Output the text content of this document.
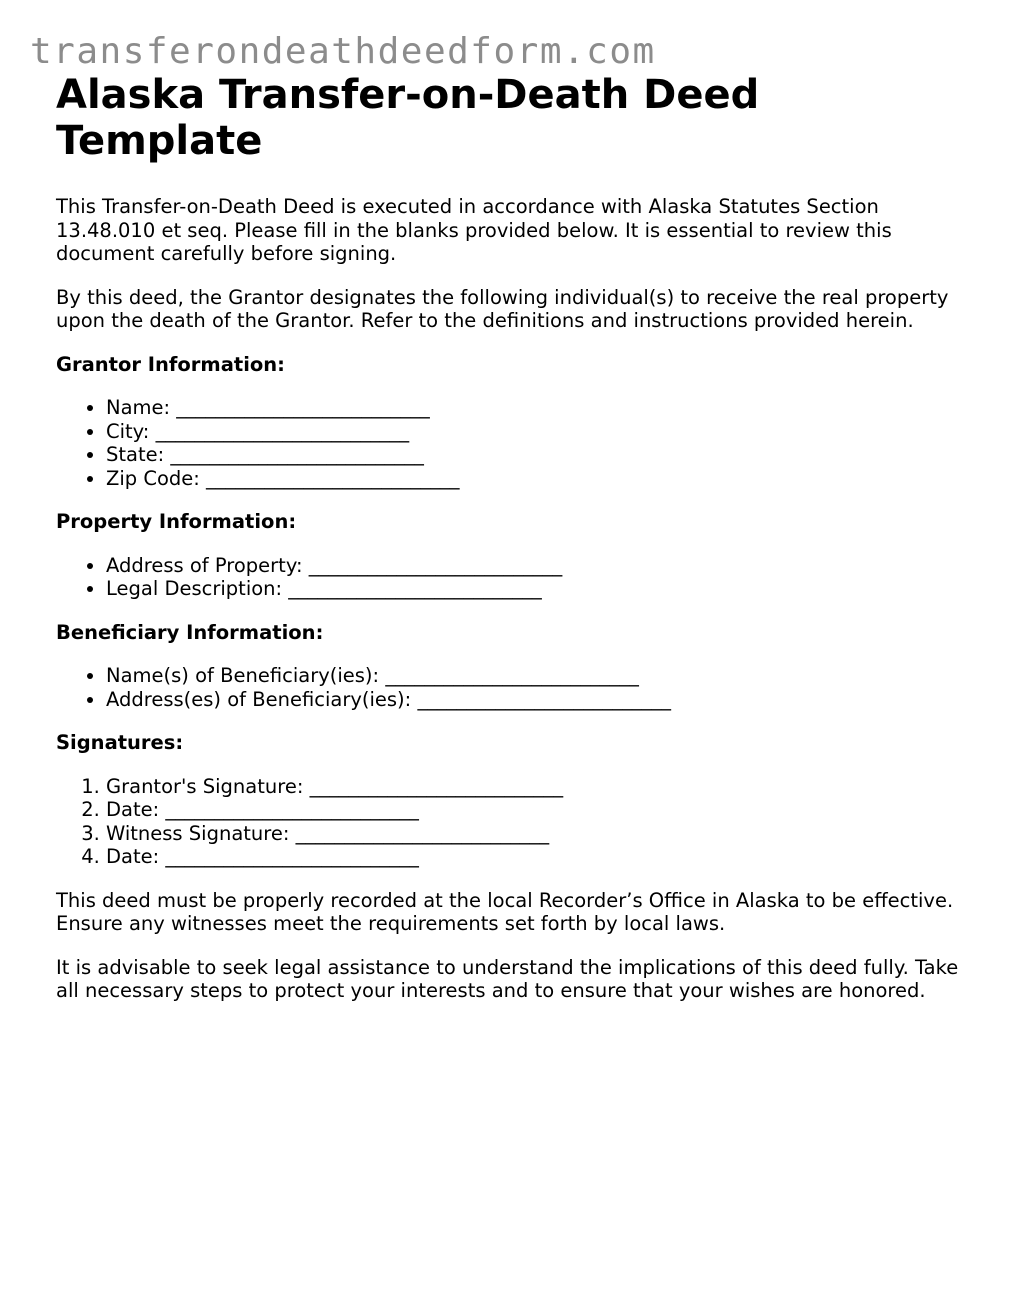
transferondeathdeedform.com
Alaska Transfer-on-Death Deed Template

This Transfer-on-Death Deed is executed in accordance with Alaska Statutes Section 13.48.010 et seq. Please fill in the blanks provided below. It is essential to review this document carefully before signing.

By this deed, the Grantor designates the following individual(s) to receive the real property upon the death of the Grantor. Refer to the definitions and instructions provided herein.

Grantor Information:
• Name: __________________________
• City: __________________________
• State: __________________________
• Zip Code: __________________________
Property Information:
• Address of Property: __________________________
• Legal Description: __________________________
Beneficiary Information:
• Name(s) of Beneficiary(ies): __________________________
• Address(es) of Beneficiary(ies): __________________________
Signatures:
1. Grantor's Signature: __________________________
2. Date: __________________________
3. Witness Signature: __________________________
4. Date: __________________________

This deed must be properly recorded at the local Recorder’s Office in Alaska to be effective. Ensure any witnesses meet the requirements set forth by local laws.

It is advisable to seek legal assistance to understand the implications of this deed fully. Take all necessary steps to protect your interests and to ensure that your wishes are honored.
